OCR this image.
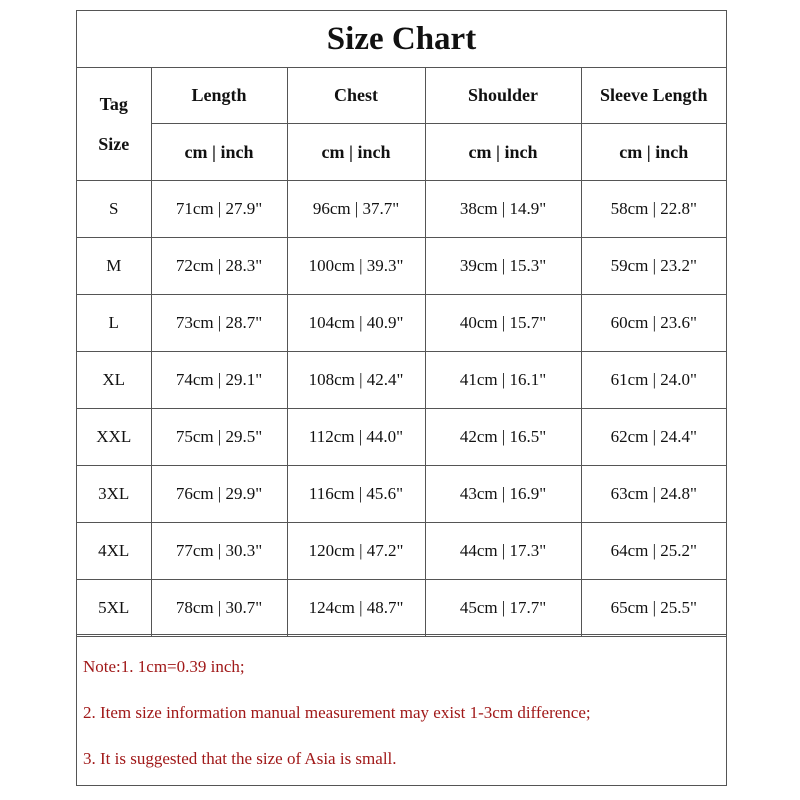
Size Chart
Tag
Size	Length	Chest	Shoulder	Sleeve Length
	cm | inch	cm | inch	cm | inch	cm | inch
S	71cm | 27.9"	96cm | 37.7"	38cm | 14.9"	58cm | 22.8"
M	72cm | 28.3"	100cm | 39.3"	39cm | 15.3"	59cm | 23.2"
L	73cm | 28.7"	104cm | 40.9"	40cm | 15.7"	60cm | 23.6"
XL	74cm | 29.1"	108cm | 42.4"	41cm | 16.1"	61cm | 24.0"
XXL	75cm | 29.5"	112cm | 44.0"	42cm | 16.5"	62cm | 24.4"
3XL	76cm | 29.9"	116cm | 45.6"	43cm | 16.9"	63cm | 24.8"
4XL	77cm | 30.3"	120cm | 47.2"	44cm | 17.3"	64cm | 25.2"
5XL	78cm | 30.7"	124cm | 48.7"	45cm | 17.7"	65cm | 25.5"
Note:1. 1cm=0.39 inch;
2. Item size information manual measurement may exist 1-3cm difference;
3. It is suggested that the size of Asia is small.
